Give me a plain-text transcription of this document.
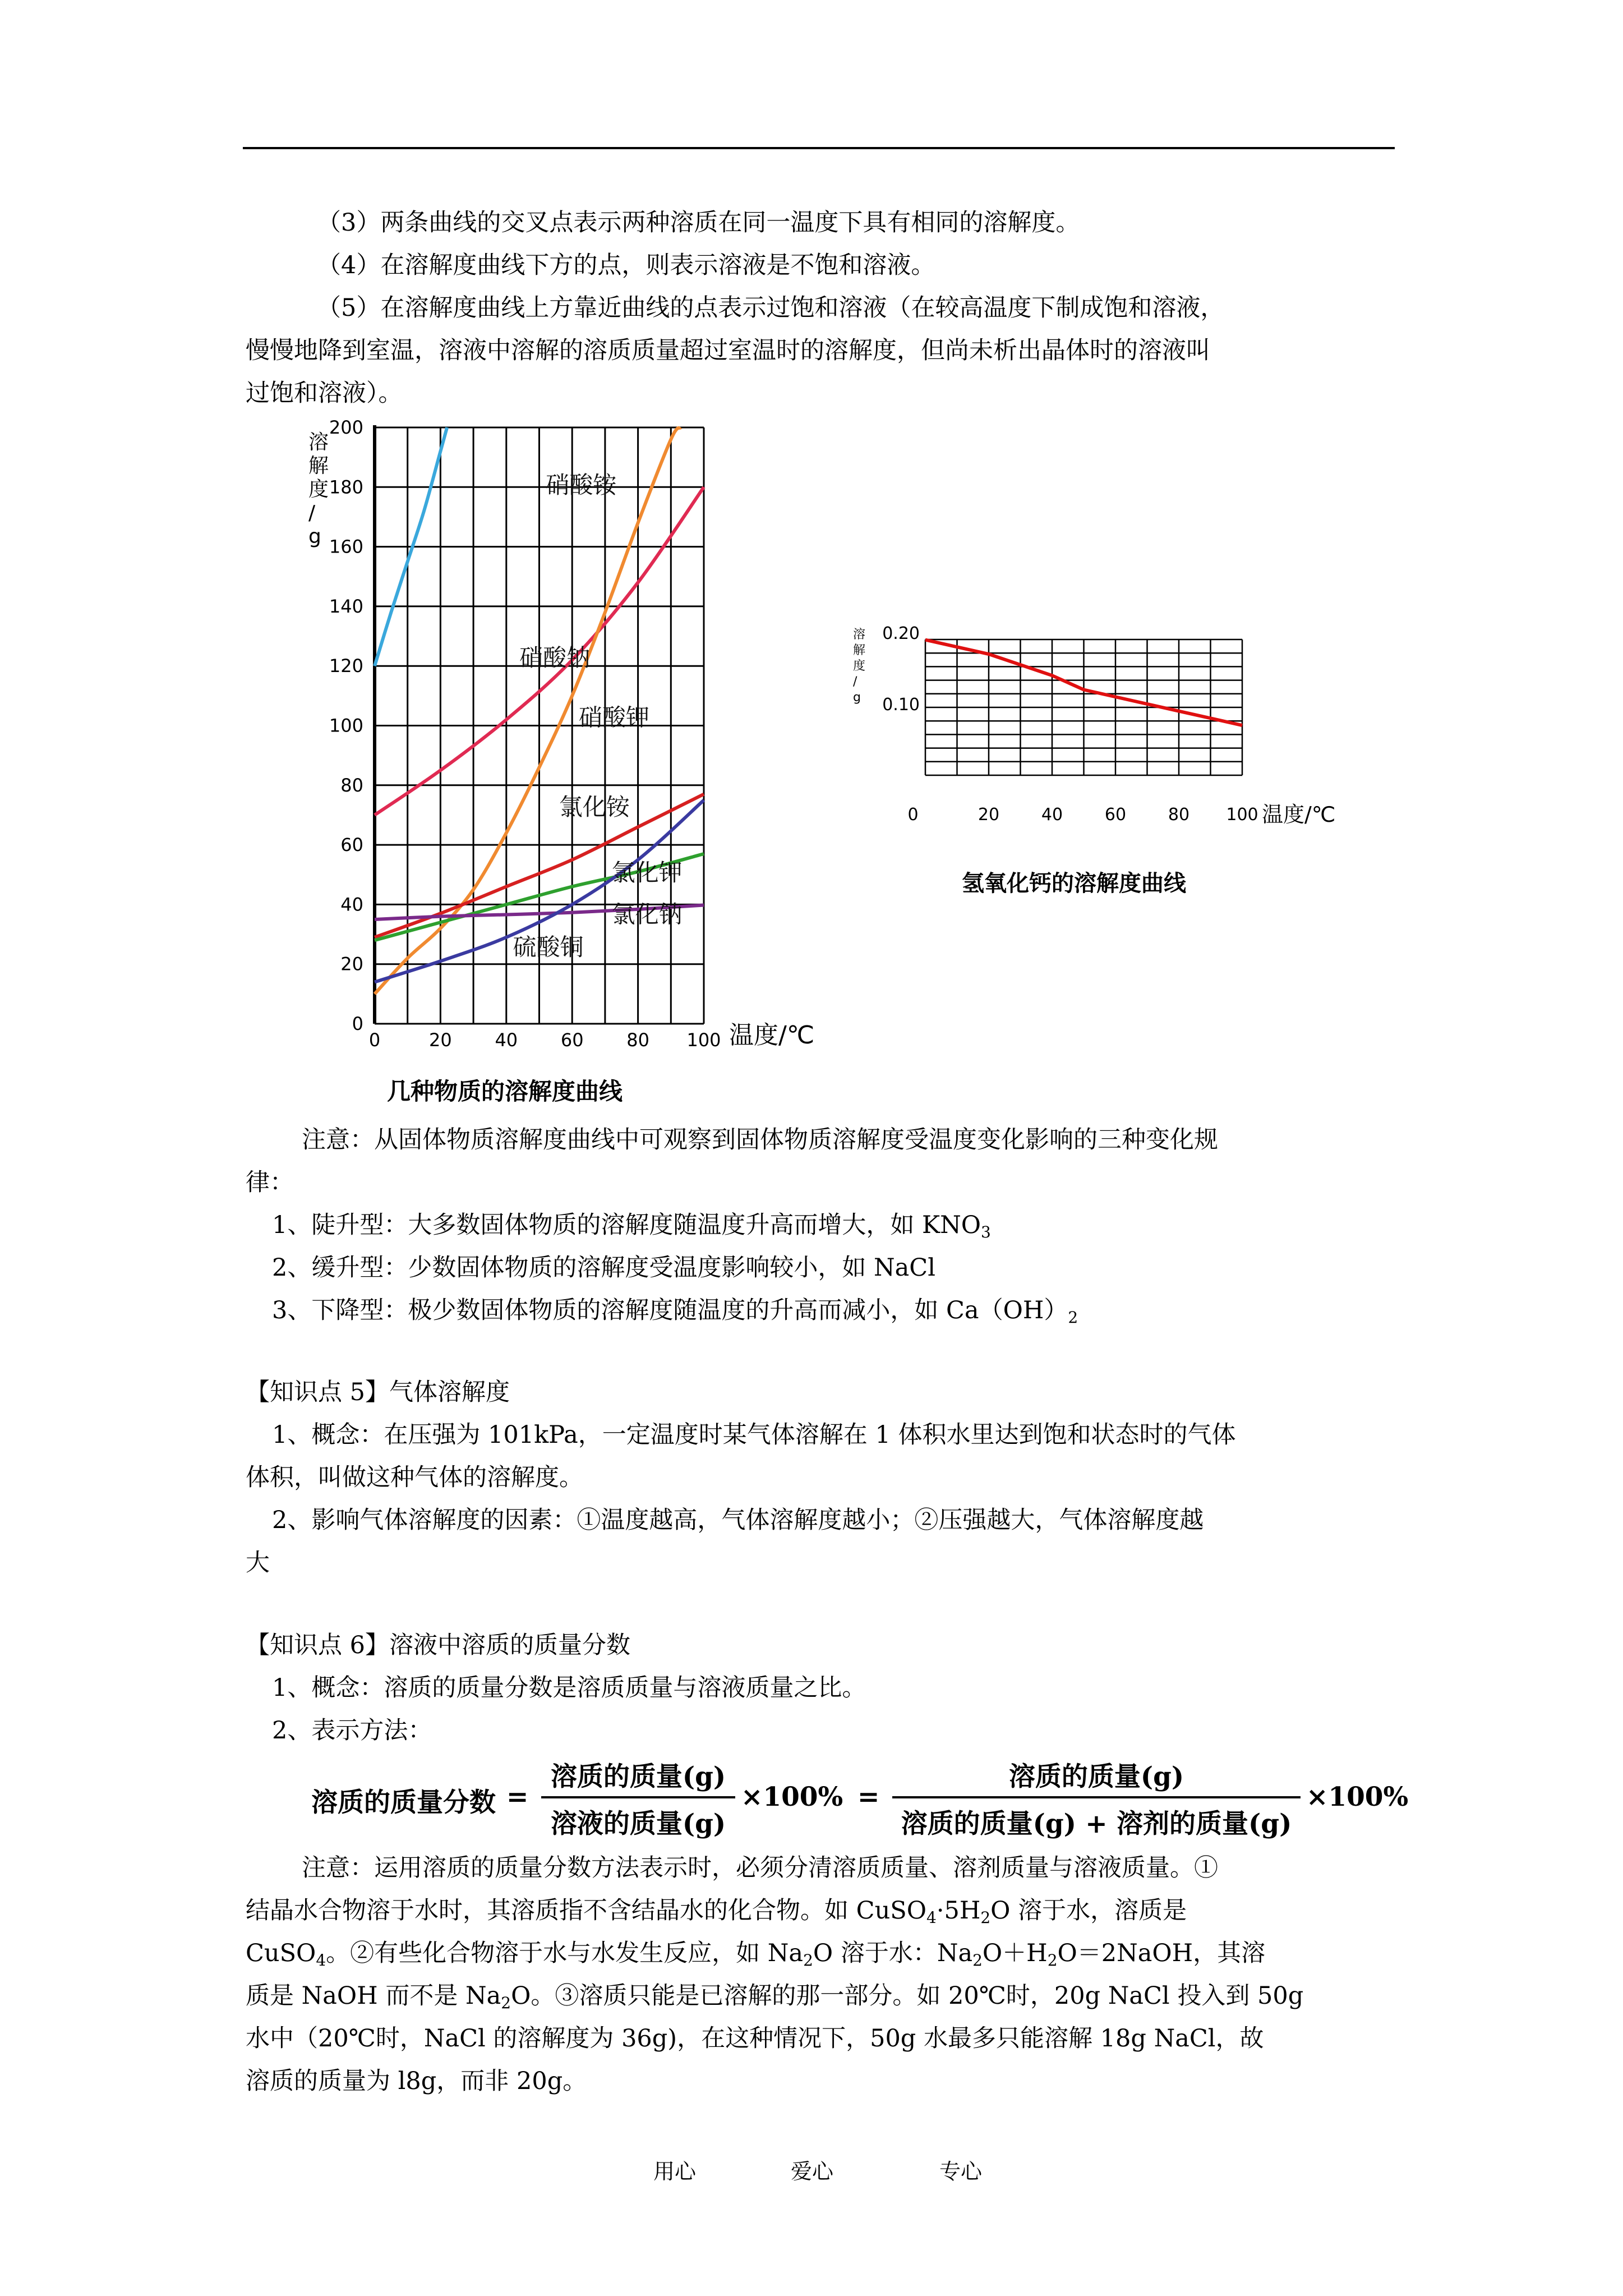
（3）两条曲线的交叉点表示两种溶质在同一温度下具有相同的溶解度。
（4）在溶解度曲线下方的点，则表示溶液是不饱和溶液。
（5）在溶解度曲线上方靠近曲线的点表示过饱和溶液（在较高温度下制成饱和溶液，
慢慢地降到室温，溶液中溶解的溶质质量超过室温时的溶解度，但尚未析出晶体时的溶液叫
过饱和溶液）。
0	20 40 60 80 100
0
20
40
60
80
100
120
140
160
180
200
溶解度/ g
温度/℃
几种物质的溶解度曲线
硝酸铵
硝酸钠
硝酸钾
氯化铵
氯化钾
氯化钠
硫酸铜
0	20 40 60 80 100
0.20
0.10
溶
解
度
/
g
温度/℃
氢氧化钙的溶解度曲线
注意：从固体物质溶解度曲线中可观察到固体物质溶解度受温度变化影响的三种变化规
律：
1、陡升型：大多数固体物质的溶解度随温度升高而增大，如 $KNO_3$
2、缓升型：少数固体物质的溶解度受温度影响较小，如 NaCl
3、下降型：极少数固体物质的溶解度随温度的升高而减小，如 $Ca(OH)_2$
【知识点 5】气体溶解度
1、概念：在压强为 101kPa，一定温度时某气体溶解在 1 体积水里达到饱和状态时的气体
体积，叫做这种气体的溶解度。
2、影响气体溶解度的因素：①温度越高，气体溶解度越小；②压强越大，气体溶解度越
大
【知识点 6】溶液中溶质的质量分数
1、概念：溶质的质量分数是溶质质量与溶液质量之比。
2、表示方法：
溶质的质量分数 =
溶质的质量(g)
溶液的质量(g)
×100% =
溶质的质量(g)
溶质的质量(g) + 溶剂的质量(g)
×100%
注意：运用溶质的质量分数方法表示时，必须分清溶质质量、溶剂质量与溶液质量。①
结晶水合物溶于水时，其溶质指不含结晶水的化合物。如 $CuSO_4\cdot 5H_2O$ 溶于水，溶质是
CuSO$_4$。②有些化合物溶于水与水发生反应，如 $Na_2O$ 溶于水：$Na_2O+H_2O=2NaOH$，其溶
质是 NaOH 而不是 $Na_2O$。③溶质只能是已溶解的那一部分。如 20℃时，20g NaCl 投入到 50g
水中（20℃时，NaCl 的溶解度为 36g)，在这种情况下，50g 水最多只能溶解 18g NaCl，故
溶质的质量为 l8g，而非 20g。
用心	爱心	专心
